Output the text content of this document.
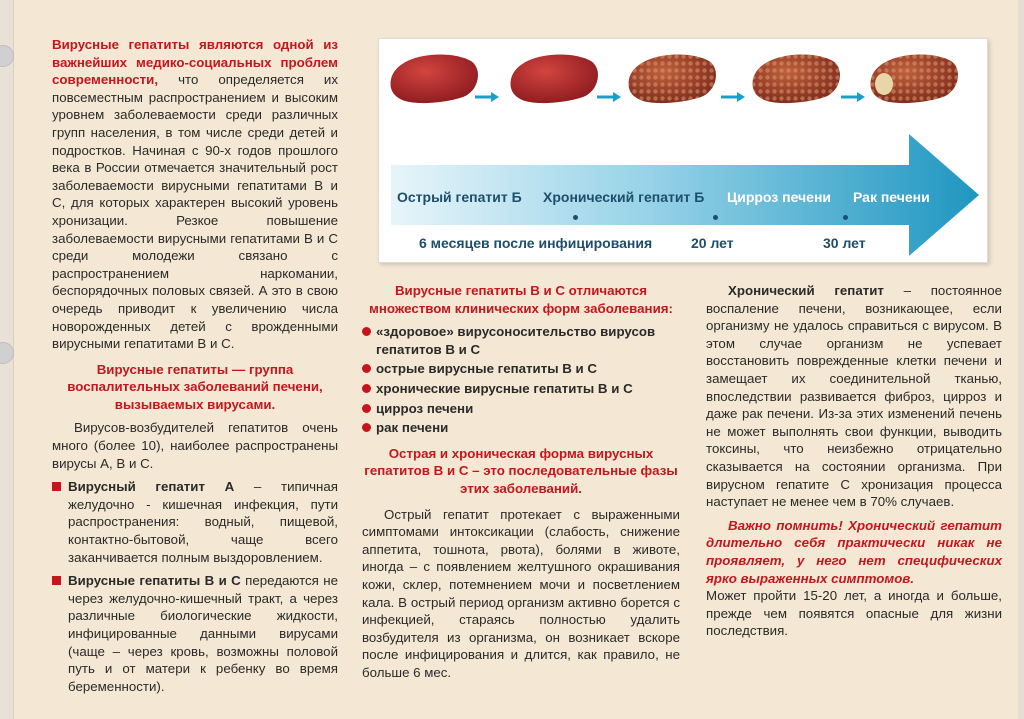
Вирусные гепатиты являются одной из важнейших медико-социальных проблем современности, что определяется их повсеместным распространением и высоким уровнем заболеваемости среди различных групп населения, в том числе среди детей и подростков. Начиная с 90-х годов прошлого века в России отмечается значительный рост заболеваемости вирусными гепатитами В и С, для которых характерен высокий уровень хронизации. Резкое повышение заболеваемости вирусными гепатитами В и С среди молодежи связано с распространением наркомании, беспорядочных половых связей. А это в свою очередь приводит к увеличению числа новорожденных детей с врожденными вирусными гепатитами В и С.

Вирусные гепатиты — группа воспалительных заболеваний печени, вызываемых вирусами.

Вирусов-возбудителей гепатитов очень много (более 10), наиболее распространены вирусы А, В и С.

Вирусный гепатит А – типичная желудочно - кишечная инфекция, пути распространения: водный, пищевой, контактно-бытовой, чаще всего заканчивается полным выздоровлением.
Вирусные гепатиты В и С передаются не через желудочно-кишечный тракт, а через различные биологические жидкости, инфицированные данными вирусами (чаще – через кровь, возможны половой путь и от матери к ребенку во время беременности).
Острый гепатит Б Хронический гепатит Б Цирроз печени Рак печени
6 месяцев после инфицирования	20 лет	30 лет

Вирусные гепатиты В и С отличаются множеством клинических форм заболевания:

«здоровое» вирусоносительство вирусов гепатитов В и С
острые вирусные гепатиты В и С
хронические вирусные гепатиты В и С
цирроз печени
рак печени

Острая и хроническая форма вирусных гепатитов В и С – это последовательные фазы этих заболеваний.

Острый гепатит протекает с выраженными симптомами интоксикации (слабость, снижение аппетита, тошнота, рвота), болями в животе, иногда – с появлением желтушного окрашивания кожи, склер, потемнением мочи и посветлением кала. В острый период организм активно борется с инфекцией, стараясь полностью удалить возбудителя из организма, он возникает вскоре после инфицирования и длится, как правило, не больше 6 мес.

Хронический гепатит – постоянное воспаление печени, возникающее, если организму не удалось справиться с вирусом. В этом случае организм не успевает восстановить поврежденные клетки печени и замещает их соединительной тканью, впоследствии развивается фиброз, цирроз и даже рак печени. Из-за этих изменений печень не может выполнять свои функции, выводить токсины, что неизбежно отрицательно сказывается на состоянии организма. При вирусном гепатите С хронизация процесса наступает не менее чем в 70% случаев.

Важно помнить! Хронический гепатит длительно себя практически никак не проявляет, у него нет специфических ярко выраженных симптомов.

Может пройти 15-20 лет, а иногда и больше, прежде чем появятся опасные для жизни последствия.
